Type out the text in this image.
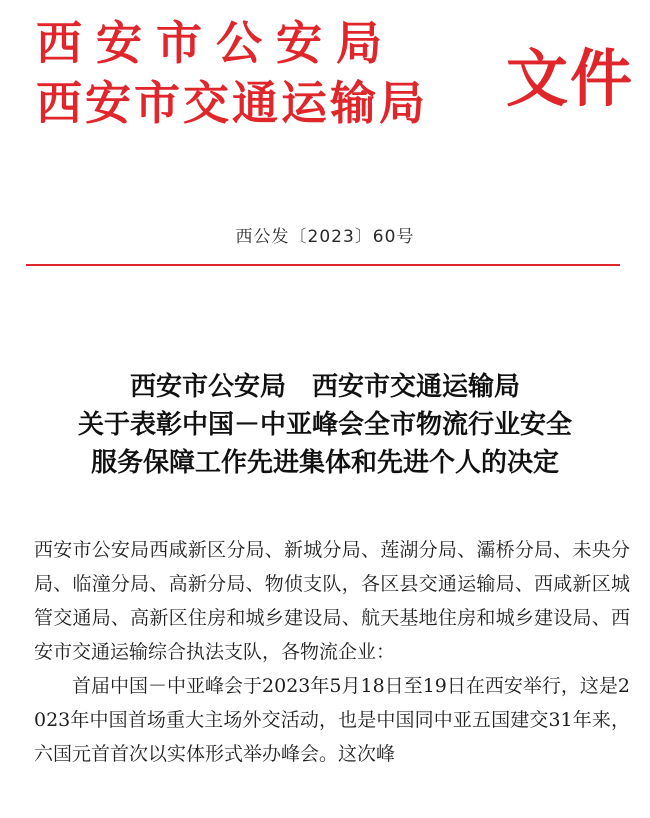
西安市公安局
西安市交通运输局 文件
西公发〔2023〕60号
西安市公安局　西安市交通运输局
关于表彰中国－中亚峰会全市物流行业安全
服务保障工作先进集体和先进个人的决定

西安市公安局西咸新区分局、新城分局、莲湖分局、灞桥分局、未央分局、临潼分局、高新分局、物侦支队，各区县交通运输局、西咸新区城管交通局、高新区住房和城乡建设局、航天基地住房和城乡建设局、西安市交通运输综合执法支队，各物流企业：

首届中国－中亚峰会于2023年5月18日至19日在西安举行，这是2023年中国首场重大主场外交活动，也是中国同中亚五国建交31年来，六国元首首次以实体形式举办峰会。这次峰
